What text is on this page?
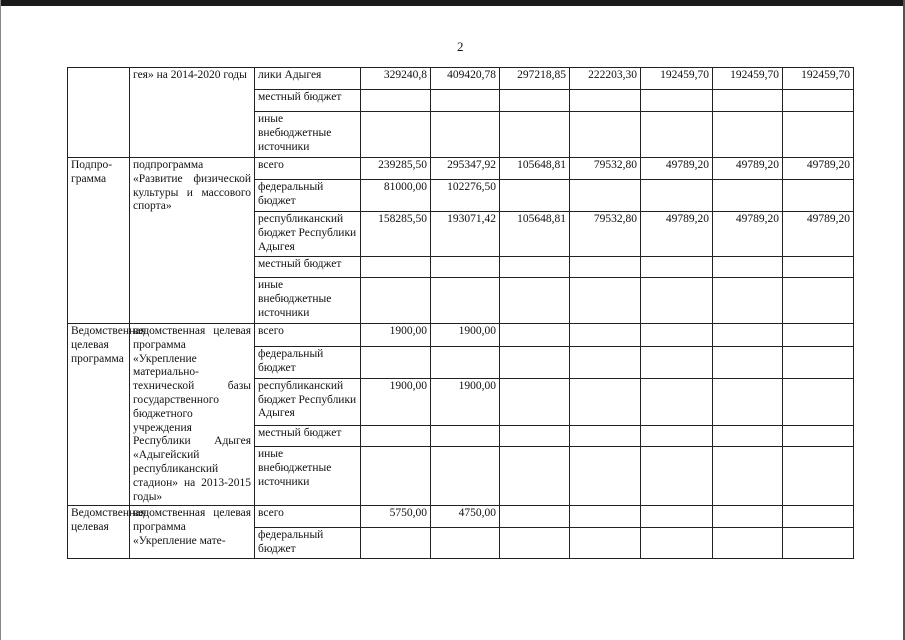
2
	гея» на 2014-2020 годы	лики Адыгея	329240,8	409420,78	297218,85	222203,30	192459,70	192459,70	192459,70
		местный бюджет							
		иные внебюджетные источники							
Подпро-грамма	подпрограмма «Развитие физической культуры и массового спорта»	всего	239285,50	295347,92	105648,81	79532,80	49789,20	49789,20	49789,20
		федеральный бюджет	81000,00	102276,50					
		республиканский бюджет Республики Адыгея	158285,50	193071,42	105648,81	79532,80	49789,20	49789,20	49789,20
		местный бюджет							
		иные внебюджетные источники							
Ведомственная целевая программа	ведомственная целевая программа «Укрепление материально-технической базы государственного бюджетного учреждения Республики Адыгея «Адыгейский республиканский стадион» на 2013-2015 годы»	всего	1900,00	1900,00					
		федеральный бюджет							
		республиканский бюджет Республики Адыгея	1900,00	1900,00					
		местный бюджет							
		иные внебюджетные источники							
Ведомственная целевая	ведомственная целевая программа «Укрепление мате-	всего	5750,00	4750,00					
		федеральный бюджет							
